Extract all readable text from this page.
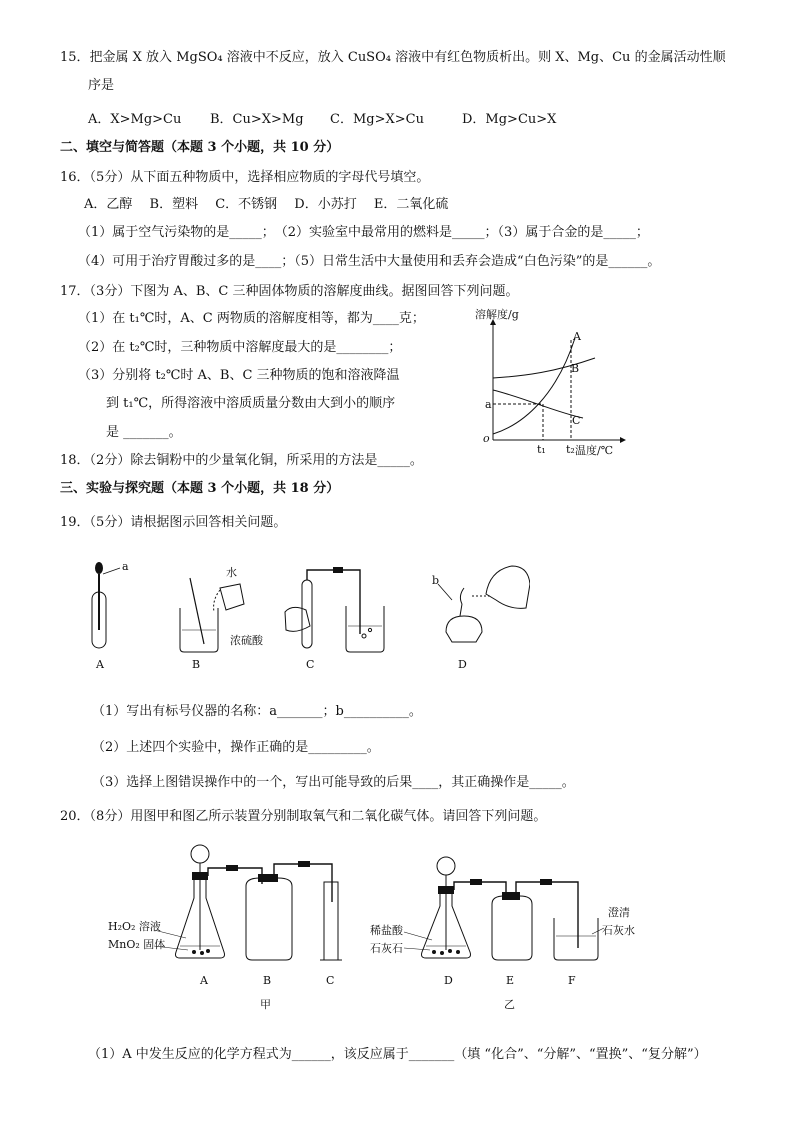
15．把金属 X 放入 MgSO₄ 溶液中不反应，放入 CuSO₄ 溶液中有红色物质析出。则 X、Mg、Cu 的金属活动性顺
序是
A．X>Mg>Cu B．Cu>X>Mg C．Mg>X>Cu	D．Mg>Cu>X
二、填空与简答题（本题 3 个小题，共 10 分）
16．（5分）从下面五种物质中，选择相应物质的字母代号填空。
A．乙醇　 B．塑料　 C．不锈钢　 D．小苏打　 E．二氧化硫
（1）属于空气污染物的是_____；　（2）实验室中最常用的燃料是_____；（3）属于合金的是_____；
（4）可用于治疗胃酸过多的是____；（5）日常生活中大量使用和丢弃会造成“白色污染”的是______。
17．（3分）下图为 A、B、C 三种固体物质的溶解度曲线。据图回答下列问题。
（1）在 t₁℃时，A、C 两物质的溶解度相等，都为____克；
（2）在 t₂℃时，三种物质中溶解度最大的是________；
（3）分别将 t₂℃时 A、B、C 三种物质的饱和溶液降温
到 t₁℃，所得溶液中溶质质量分数由大到小的顺序
是 _______。
溶解度/g
温度/℃
o
a
t₁ t₂
A
B
C
18．（2分）除去铜粉中的少量氧化铜，所采用的方法是_____。
三、实验与探究题（本题 3 个小题，共 18 分）
19．（5分）请根据图示回答相关问题。
a
A
水
浓硫酸
B	C
b
D
（1）写出有标号仪器的名称：a_______；b__________。
（2）上述四个实验中，操作正确的是_________。
（3）选择上图错误操作中的一个，写出可能导致的后果____，其正确操作是_____。
20．（8分）用图甲和图乙所示装置分别制取氧气和二氧化碳气体。请回答下列问题。
H₂O₂ 溶液
MnO₂ 固体
A	B	C
甲
稀盐酸
石灰石
澄清
石灰水
D	E	F
乙
（1）A 中发生反应的化学方程式为______，该反应属于_______（填 “化合”、“分解”、“置换”、“复分解”）
